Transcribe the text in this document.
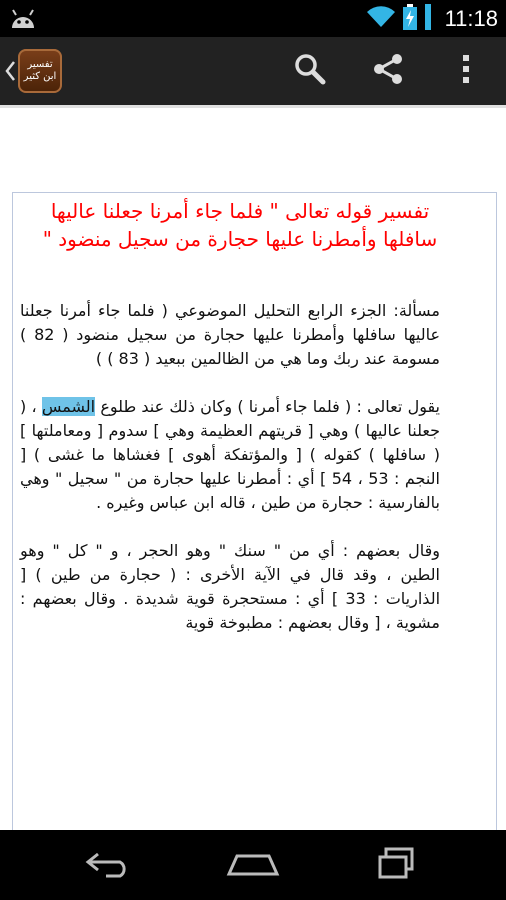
11:18
تفسير
ابن كثير

تفسير قوله تعالى " فلما جاء أمرنا جعلنا عاليها سافلها وأمطرنا عليها حجارة من سجيل منضود "

مسألة: الجزء الرابع التحليل الموضوعي ( فلما جاء أمرنا جعلنا عاليها سافلها وأمطرنا عليها حجارة من سجيل منضود ( 82 ) مسومة عند ربك وما هي من الظالمين ببعيد ( 83 ) )

يقول تعالى : ( فلما جاء أمرنا ) وكان ذلك عند طلوع الشمس ، ( جعلنا عاليها ) وهي [ قريتهم العظيمة وهي ] سدوم [ ومعاملتها ] ( سافلها ) كقوله ) [ والمؤتفكة أهوى ] فغشاها ما غشى ) [ النجم : 53 ، 54 ] أي : أمطرنا عليها حجارة من " سجيل " وهي بالفارسية : حجارة من طين ، قاله ابن عباس وغيره .

وقال بعضهم : أي من " سنك " وهو الحجر ، و " كل " وهو الطين ، وقد قال في الآية الأخرى : ( حجارة من طين ) [ الذاريات : 33 ] أي : مستحجرة قوية شديدة . وقال بعضهم : مشوية ، [ وقال بعضهم : مطبوخة قوية
